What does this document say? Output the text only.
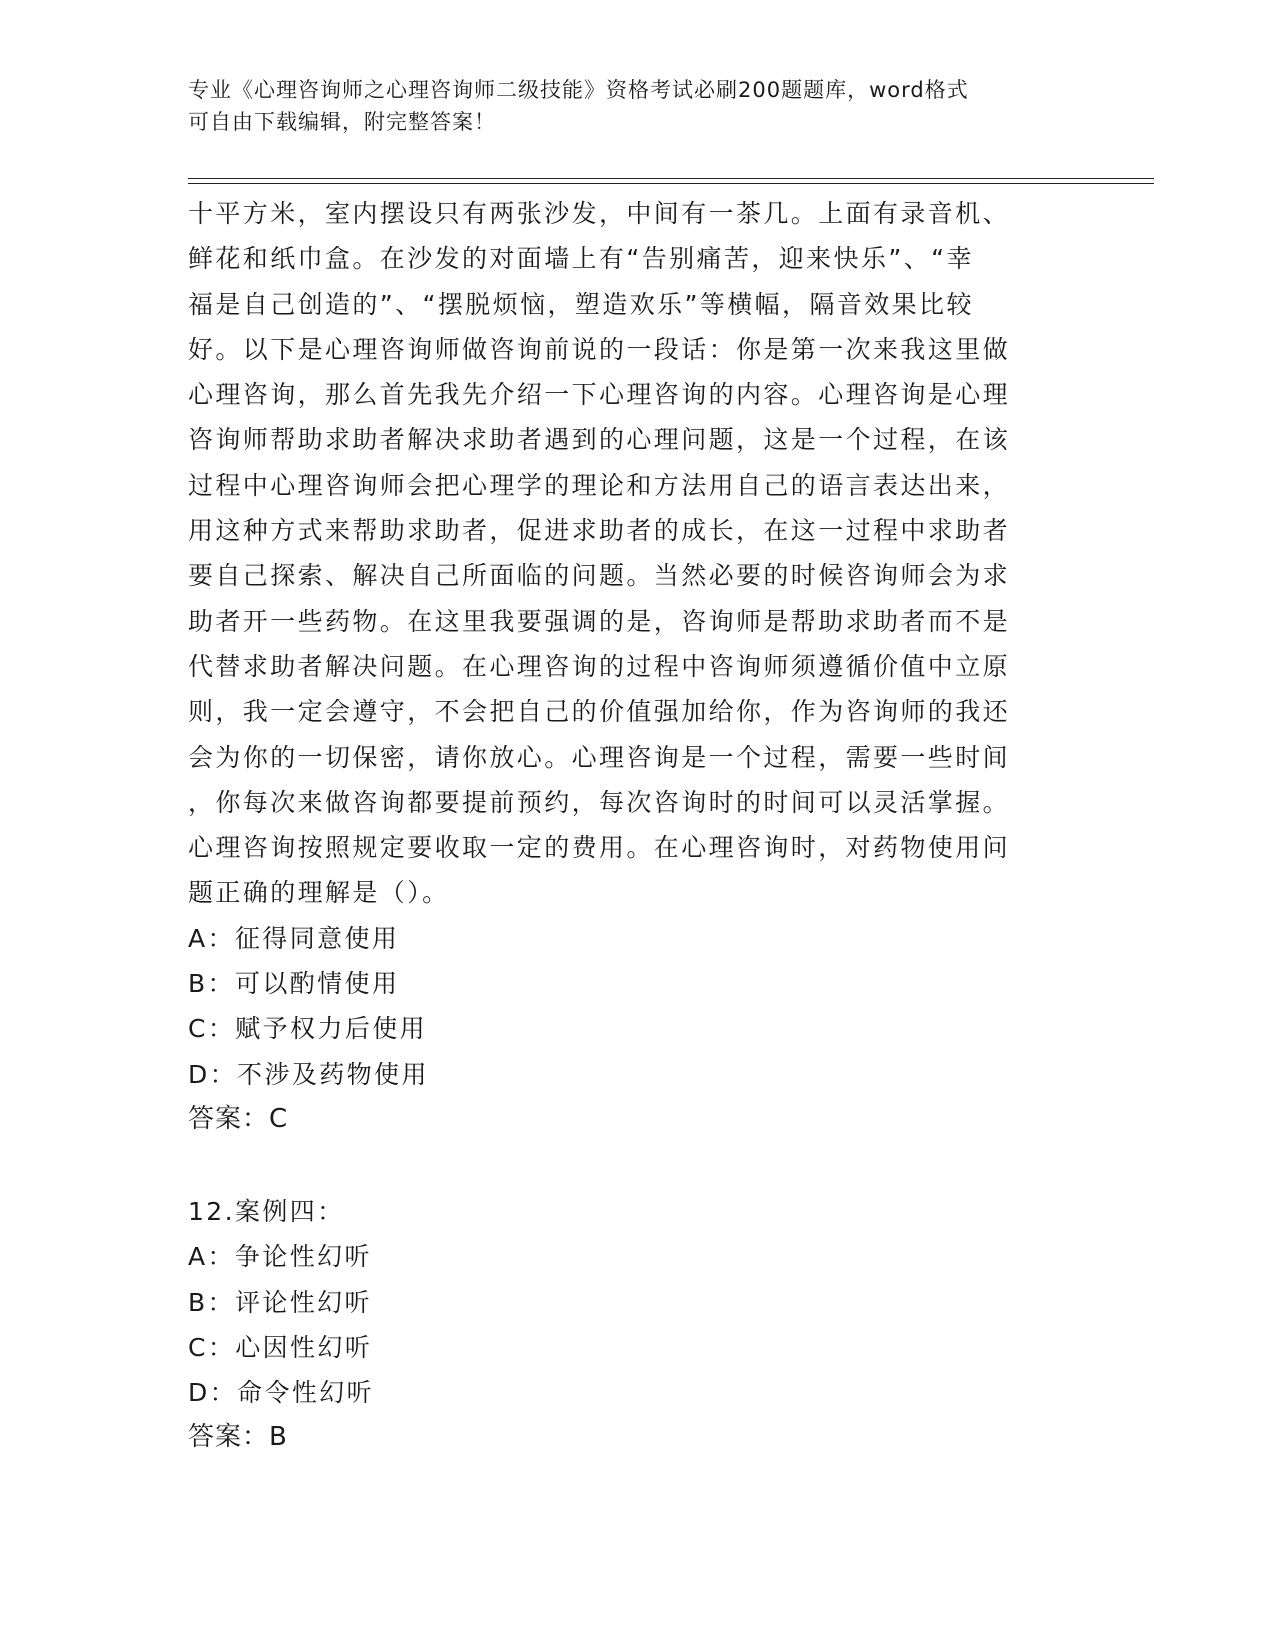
专业《心理咨询师之心理咨询师二级技能》资格考试必刷200题题库，word格式
可自由下载编辑，附完整答案！
十平方米，室内摆设只有两张沙发，中间有一茶几。上面有录音机、
鲜花和纸巾盒。在沙发的对面墙上有“告别痛苦，迎来快乐”、“幸
福是自己创造的”、“摆脱烦恼，塑造欢乐”等横幅，隔音效果比较
好。以下是心理咨询师做咨询前说的一段话：你是第一次来我这里做
心理咨询，那么首先我先介绍一下心理咨询的内容。心理咨询是心理
咨询师帮助求助者解决求助者遇到的心理问题，这是一个过程，在该
过程中心理咨询师会把心理学的理论和方法用自己的语言表达出来，
用这种方式来帮助求助者，促进求助者的成长，在这一过程中求助者
要自己探索、解决自己所面临的问题。当然必要的时候咨询师会为求
助者开一些药物。在这里我要强调的是，咨询师是帮助求助者而不是
代替求助者解决问题。在心理咨询的过程中咨询师须遵循价值中立原
则，我一定会遵守，不会把自己的价值强加给你，作为咨询师的我还
会为你的一切保密，请你放心。心理咨询是一个过程，需要一些时间
，你每次来做咨询都要提前预约，每次咨询时的时间可以灵活掌握。
心理咨询按照规定要收取一定的费用。在心理咨询时，对药物使用问
题正确的理解是（）。
A：征得同意使用
B：可以酌情使用
C：赋予权力后使用
D：不涉及药物使用
答案：C
12.案例四：
A：争论性幻听
B：评论性幻听
C：心因性幻听
D：命令性幻听
答案：B
